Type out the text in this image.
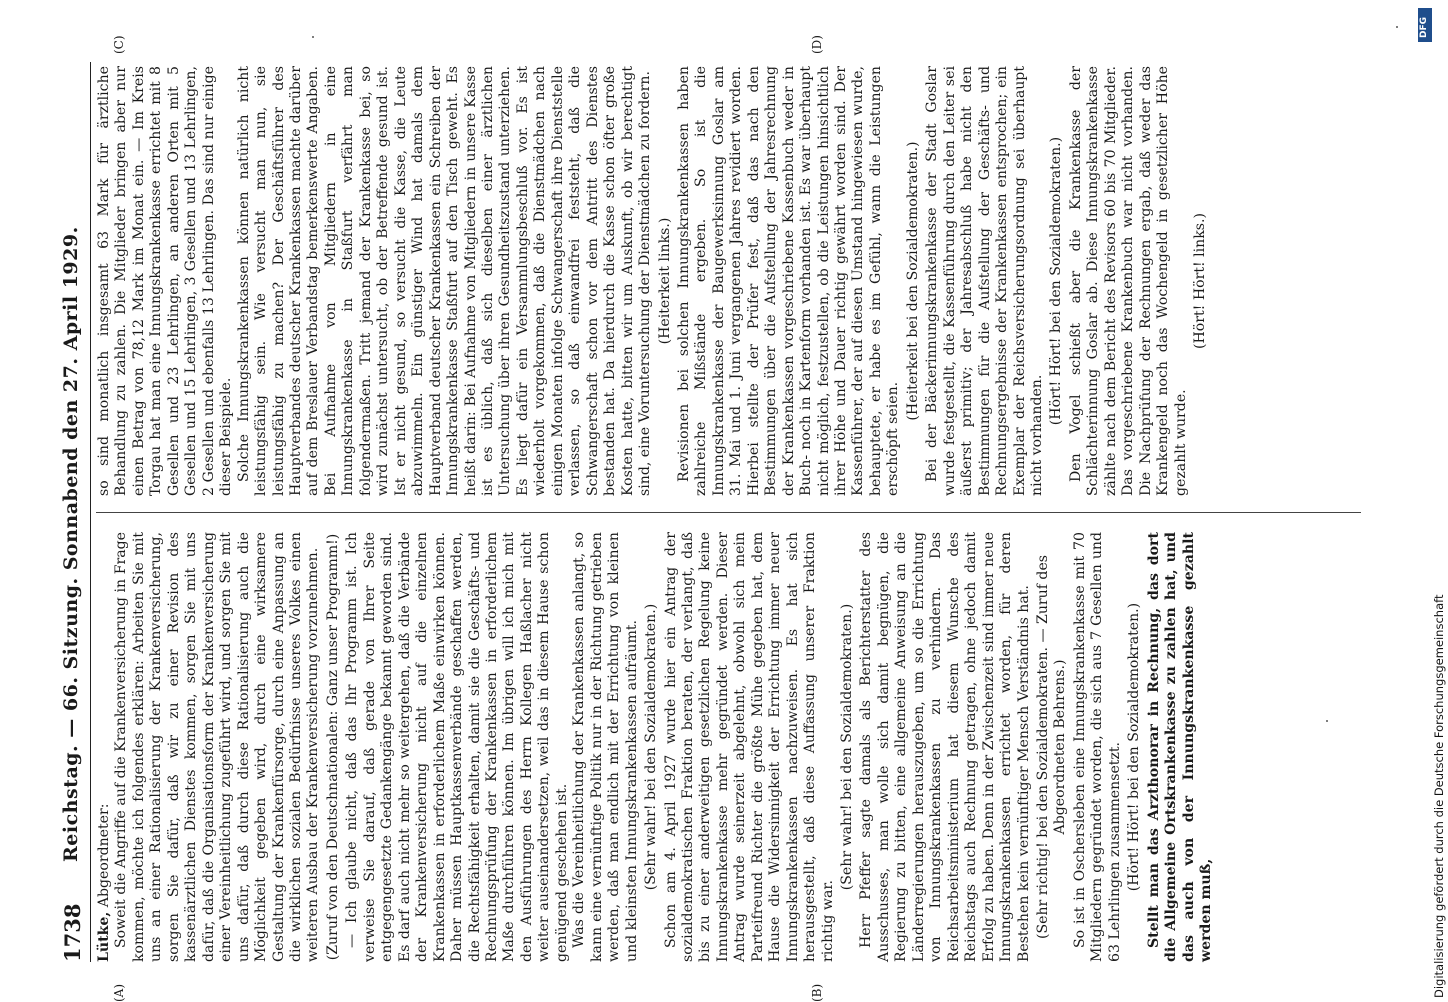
1738
Reichstag. — 66. Sitzung. Sonnabend den 27. April 1929.
(A)	(B)
(C)	(D)

Lütke, Abgeordneter: Soweit die Angriffe auf die Krankenversicherung in Frage kommen, möchte ich folgendes erklären: Arbeiten Sie mit uns an einer Rationalisierung der Krankenversicherung, sorgen Sie dafür, daß wir zu einer Revision des kassenärztlichen Dienstes kommen, sorgen Sie mit uns dafür, daß die Organisationsform der Krankenversicherung einer Vereinheitlichung zugeführt wird, und sorgen Sie mit uns dafür, daß durch diese Rationalisierung auch die Möglichkeit gegeben wird, durch eine wirksamere Gestaltung der Krankenfürsorge, durch eine Anpassung an die wirklichen sozialen Bedürfnisse unseres Volkes einen weiteren Ausbau der Krankenversicherung vorzunehmen. (Zuruf von den Deutschnationalen: Ganz unser Programm!) — Ich glaube nicht, daß das Ihr Programm ist. Ich verweise Sie darauf, daß gerade von Ihrer Seite entgegengesetzte Gedankengänge bekannt geworden sind. Es darf auch nicht mehr so weitergehen, daß die Verbände der Krankenversicherung nicht auf die einzelnen Krankenkassen in erforderlichem Maße einwirken können. Daher müssen Hauptkassenverbände geschaffen werden, die Rechtsfähigkeit erhalten, damit sie die Geschäfts- und Rechnungsprüfung der Krankenkassen in erforderlichem Maße durchführen können. Im übrigen will ich mich mit den Ausführungen des Herrn Kollegen Haßlacher nicht weiter auseinandersetzen, weil das in diesem Hause schon genügend geschehen ist. Was die Vereinheitlichung der Krankenkassen anlangt, so kann eine vernünftige Politik nur in der Richtung getrieben werden, daß man endlich mit der Errichtung von kleinen und kleinsten Innungskrankenkassen aufräumt. (Sehr wahr! bei den Sozialdemokraten.) Schon am 4. April 1927 wurde hier ein Antrag der sozialdemokratischen Fraktion beraten, der verlangt, daß bis zu einer anderweitigen gesetzlichen Regelung keine Innungskrankenkasse mehr gegründet werden. Dieser Antrag wurde seinerzeit abgelehnt, obwohl sich mein Parteifreund Richter die größte Mühe gegeben hat, dem Hause die Widersinnigkeit der Errichtung immer neuer Innungskrankenkassen nachzuweisen. Es hat sich herausgestellt, daß diese Auffassung unserer Fraktion richtig war.

(Sehr wahr! bei den Sozialdemokraten.) Herr Pfeffer sagte damals als Berichterstatter des Ausschusses, man wolle sich damit begnügen, die Regierung zu bitten, eine allgemeine Anweisung an die Länderregierungen herauszugeben, um so die Errichtung von Innungskrankenkassen zu verhindern. Das Reichsarbeitsministerium hat diesem Wunsche des Reichstags auch Rechnung getragen, ohne jedoch damit Erfolg zu haben. Denn in der Zwischenzeit sind immer neue Innungskrankenkassen errichtet worden, für deren Bestehen kein vernünftiger Mensch Verständnis hat. (Sehr richtig! bei den Sozialdemokraten. — Zuruf des Abgeordneten Behrens.) So ist in Oschersleben eine Innungskrankenkasse mit 70 Mitgliedern gegründet worden, die sich aus 7 Gesellen und 63 Lehrlingen zusammensetzt. (Hört! Hört! bei den Sozialdemokraten.) Stellt man das Arzthonorar in Rechnung, das dort die Allgemeine Ortskrankenkasse zu zahlen hat, und das auch von der Innungskrankenkasse gezahlt werden muß,

so sind monatlich insgesamt 63 Mark für ärztliche Behandlung zu zahlen. Die Mitglieder bringen aber nur einen Betrag von 78,12 Mark im Monat ein. — Im Kreis Torgau hat man eine Innungskrankenkasse errichtet mit 8 Gesellen und 23 Lehrlingen, an anderen Orten mit 5 Gesellen und 15 Lehrlingen, 3 Gesellen und 13 Lehrlingen, 2 Gesellen und ebenfalls 13 Lehrlingen. Das sind nur einige dieser Beispiele. Solche Innungskrankenkassen können natürlich nicht leistungsfähig sein. Wie versucht man nun, sie leistungsfähig zu machen? Der Geschäftsführer des Hauptverbandes deutscher Krankenkassen machte darüber auf dem Breslauer Verbandstag bemerkenswerte Angaben. Bei Aufnahme von Mitgliedern in eine Innungskrankenkasse in Staßfurt verfährt man folgendermaßen. Tritt jemand der Krankenkasse bei, so wird zunächst untersucht, ob der Betreffende gesund ist. Ist er nicht gesund, so versucht die Kasse, die Leute abzuwimmeln. Ein günstiger Wind hat damals dem Hauptverband deutscher Krankenkassen ein Schreiben der Innungskrankenkasse Staßfurt auf den Tisch geweht. Es heißt darin: Bei Aufnahme von Mitgliedern in unsere Kasse ist es üblich, daß sich dieselben einer ärztlichen Untersuchung über ihren Gesundheitszustand unterziehen. Es liegt dafür ein Versammlungsbeschluß vor. Es ist wiederholt vorgekommen, daß die Dienstmädchen nach einigen Monaten infolge Schwangerschaft ihre Dienststelle verlassen, so daß einwandfrei feststeht, daß die Schwangerschaft schon vor dem Antritt des Dienstes bestanden hat. Da hierdurch die Kasse schon öfter große Kosten hatte, bitten wir um Auskunft, ob wir berechtigt sind, eine Voruntersuchung der Dienstmädchen zu fordern. (Heiterkeit links.) Revisionen bei solchen Innungskrankenkassen haben zahlreiche Mißstände ergeben. So ist die Innungskrankenkasse der Baugewerksinnung Goslar am 31. Mai und 1. Juni vergangenen Jahres revidiert worden. Hierbei stellte der Prüfer fest, daß das nach den Bestimmungen über die Aufstellung der Jahresrechnung der Krankenkassen vorgeschriebene Kassenbuch weder in Buch- noch in Kartenform vorhanden ist. Es war überhaupt nicht möglich, festzustellen, ob die Leistungen hinsichtlich ihrer Höhe und Dauer richtig gewährt worden sind. Der Kassenführer, der auf diesen Umstand hingewiesen wurde, behauptete, er habe es im Gefühl, wann die Leistungen erschöpft seien.

(Heiterkeit bei den Sozialdemokraten.) Bei der Bäckerinnungskrankenkasse der Stadt Goslar wurde festgestellt, die Kassenführung durch den Leiter sei äußerst primitiv; der Jahresabschluß habe nicht den Bestimmungen für die Aufstellung der Geschäfts- und Rechnungsergebnisse der Krankenkassen entsprochen; ein Exemplar der Reichsversicherungsordnung sei überhaupt nicht vorhanden.

(Hört! Hört! bei den Sozialdemokraten.) Den Vogel schießt aber die Krankenkasse der Schlächterinnung Goslar ab. Diese Innungskrankenkasse zählte nach dem Bericht des Revisors 60 bis 70 Mitglieder. Das vorgeschriebene Krankenbuch war nicht vorhanden. Die Nachprüfung der Rechnungen ergab, daß weder das Krankengeld noch das Wochengeld in gesetzlicher Höhe gezahlt wurde.

(Hört! Hört! links.)

Digitalisierung gefördert durch die Deutsche Forschungsgemeinschaft
DFG
